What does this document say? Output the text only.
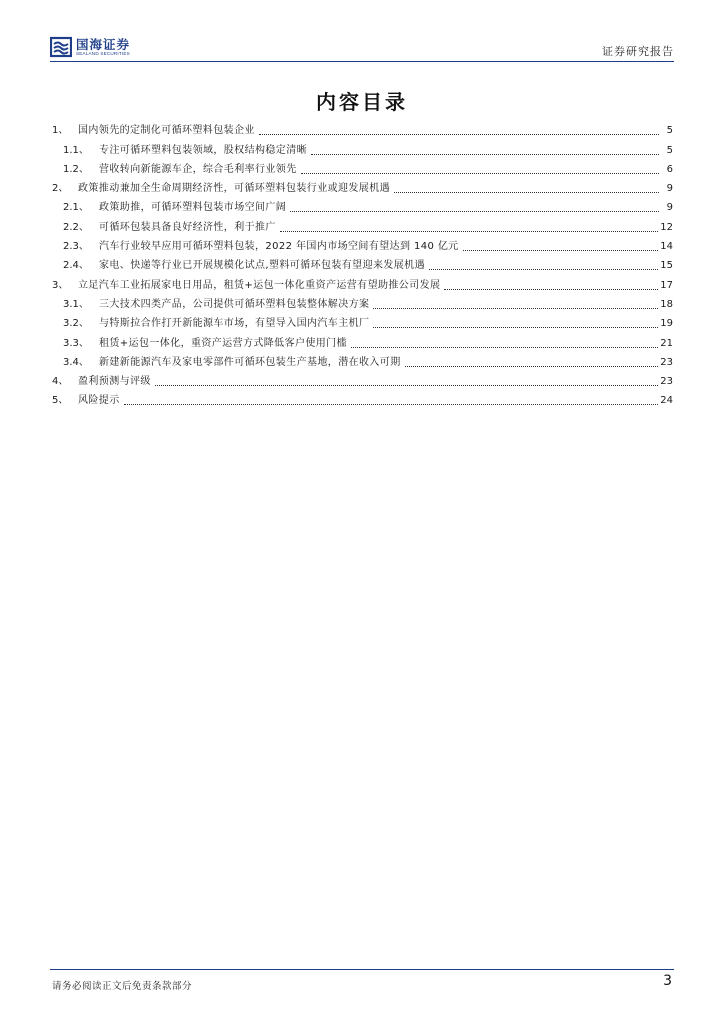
国海证券
SEALAND SECURITIES	证券研究报告
内容目录
1、 国内领先的定制化可循环塑料包装企业	5
1.1、	专注可循环塑料包装领域，股权结构稳定清晰	5
1.2、	营收转向新能源车企，综合毛利率行业领先	6
2、 政策推动兼加全生命周期经济性，可循环塑料包装行业或迎发展机遇	9
2.1、	政策助推，可循环塑料包装市场空间广阔	9
2.2、	可循环包装具备良好经济性，利于推广	12
2.3、	汽车行业较早应用可循环塑料包装，2022 年国内市场空间有望达到 140 亿元	14
2.4、	家电、快递等行业已开展规模化试点,塑料可循环包装有望迎来发展机遇	15
3、 立足汽车工业拓展家电日用品，租赁+运包一体化重资产运营有望助推公司发展	17
3.1、	三大技术四类产品，公司提供可循环塑料包装整体解决方案	18
3.2、	与特斯拉合作打开新能源车市场，有望导入国内汽车主机厂	19
3.3、	租赁+运包一体化，重资产运营方式降低客户使用门槛	21
3.4、	新建新能源汽车及家电零部件可循环包装生产基地，潜在收入可期	23
4、 盈利预测与评级	23
5、 风险提示	24
请务必阅读正文后免责条款部分	3
